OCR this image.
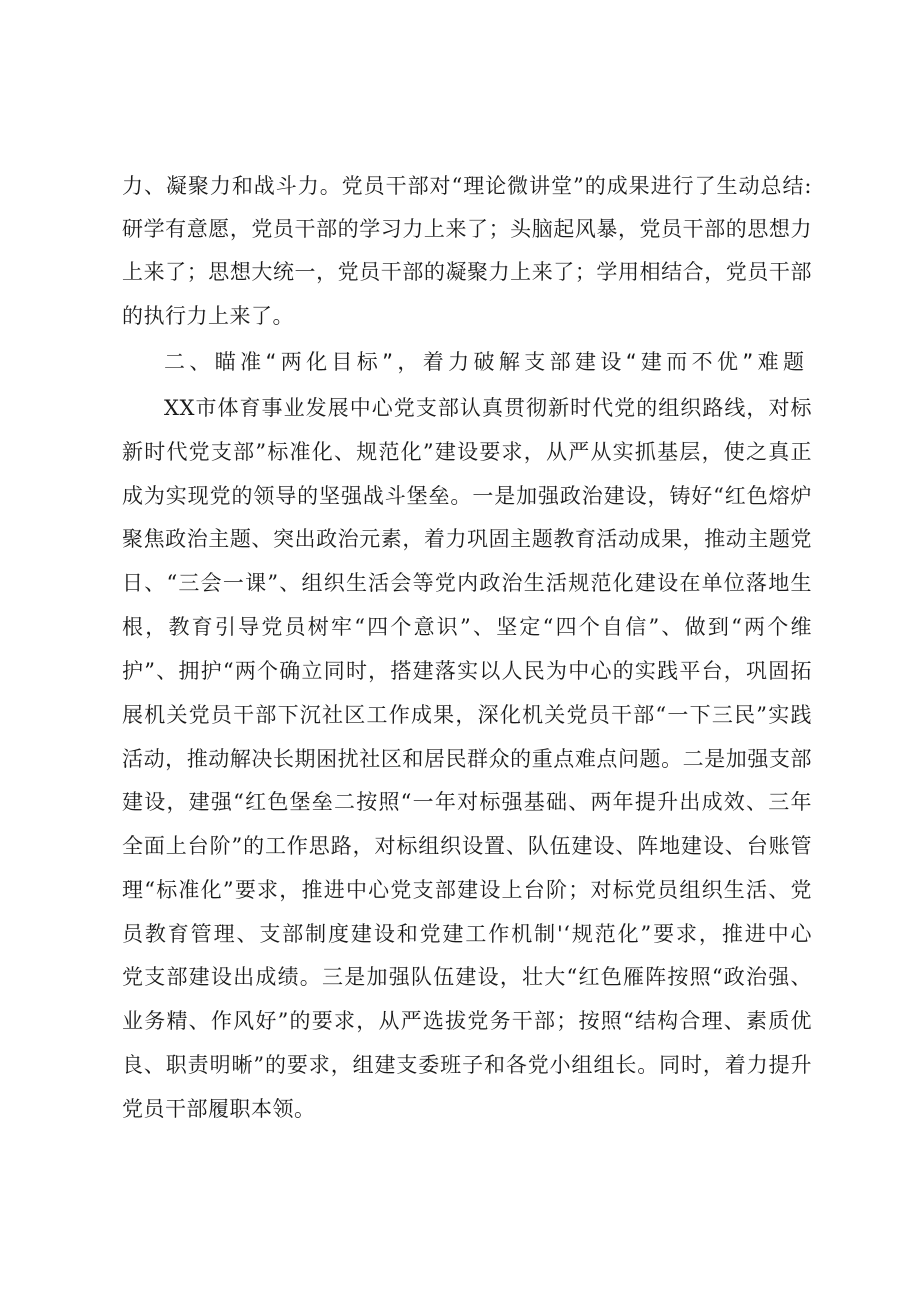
力、凝聚力和战斗力。党员干部对“理论微讲堂”的成果进行了生动总结:
研学有意愿，党员干部的学习力上来了；头脑起风暴，党员干部的思想力
上来了；思想大统一，党员干部的凝聚力上来了；学用相结合，党员干部
的执行力上来了。
二、瞄准“两化目标”，着力破解支部建设“建而不优”难题
XX市体育事业发展中心党支部认真贯彻新时代党的组织路线，对标
新时代党支部”标准化、规范化”建设要求，从严从实抓基层，使之真正
成为实现党的领导的坚强战斗堡垒。一是加强政治建设，铸好“红色熔炉
聚焦政治主题、突出政治元素，着力巩固主题教育活动成果，推动主题党
日、“三会一课”、组织生活会等党内政治生活规范化建设在单位落地生
根，教育引导党员树牢“四个意识”、坚定“四个自信”、做到“两个维
护”、拥护“两个确立同时，搭建落实以人民为中心的实践平台，巩固拓
展机关党员干部下沉社区工作成果，深化机关党员干部“一下三民”实践
活动，推动解决长期困扰社区和居民群众的重点难点问题。二是加强支部
建设，建强“红色堡垒二按照“一年对标强基础、两年提升出成效、三年
全面上台阶”的工作思路，对标组织设置、队伍建设、阵地建设、台账管
理“标准化”要求，推进中心党支部建设上台阶；对标党员组织生活、党
员教育管理、支部制度建设和党建工作机制'‘规范化”要求，推进中心
党支部建设出成绩。三是加强队伍建设，壮大“红色雁阵按照“政治强、
业务精、作风好”的要求，从严选拔党务干部；按照“结构合理、素质优
良、职责明晰”的要求，组建支委班子和各党小组组长。同时，着力提升
党员干部履职本领。
